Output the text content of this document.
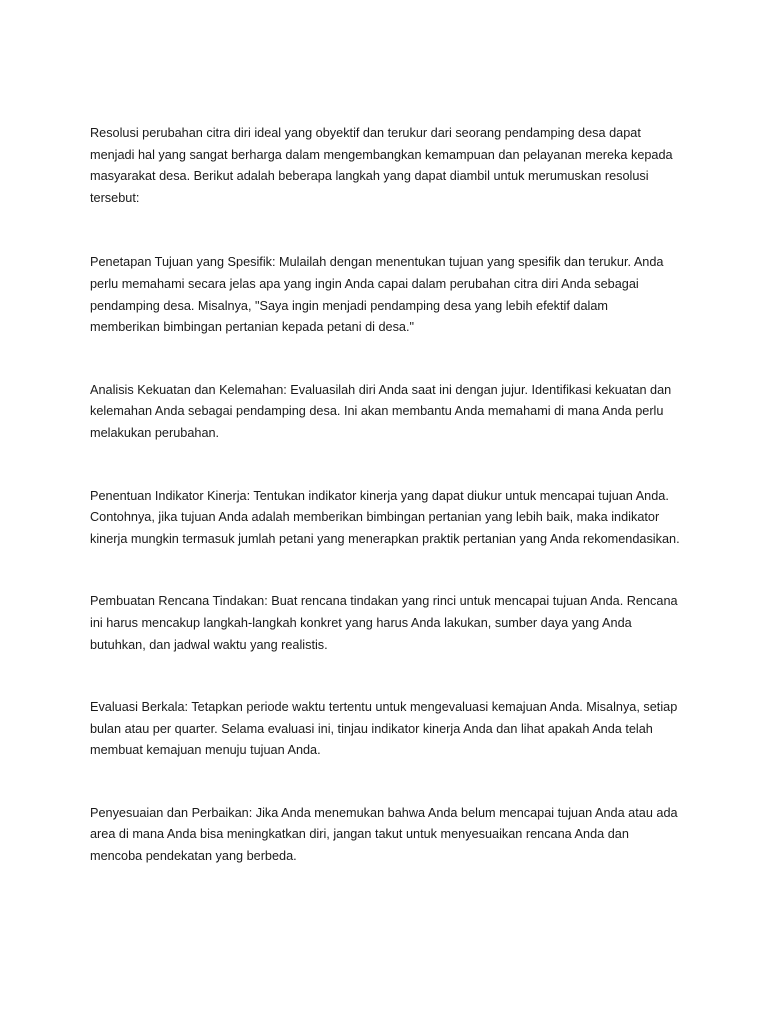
Resolusi perubahan citra diri ideal yang obyektif dan terukur dari seorang pendamping desa dapat menjadi hal yang sangat berharga dalam mengembangkan kemampuan dan pelayanan mereka kepada masyarakat desa. Berikut adalah beberapa langkah yang dapat diambil untuk merumuskan resolusi tersebut:

Penetapan Tujuan yang Spesifik: Mulailah dengan menentukan tujuan yang spesifik dan terukur. Anda perlu memahami secara jelas apa yang ingin Anda capai dalam perubahan citra diri Anda sebagai pendamping desa. Misalnya, "Saya ingin menjadi pendamping desa yang lebih efektif dalam memberikan bimbingan pertanian kepada petani di desa."

Analisis Kekuatan dan Kelemahan: Evaluasilah diri Anda saat ini dengan jujur. Identifikasi kekuatan dan kelemahan Anda sebagai pendamping desa. Ini akan membantu Anda memahami di mana Anda perlu melakukan perubahan.

Penentuan Indikator Kinerja: Tentukan indikator kinerja yang dapat diukur untuk mencapai tujuan Anda. Contohnya, jika tujuan Anda adalah memberikan bimbingan pertanian yang lebih baik, maka indikator kinerja mungkin termasuk jumlah petani yang menerapkan praktik pertanian yang Anda rekomendasikan.

Pembuatan Rencana Tindakan: Buat rencana tindakan yang rinci untuk mencapai tujuan Anda. Rencana ini harus mencakup langkah-langkah konkret yang harus Anda lakukan, sumber daya yang Anda butuhkan, dan jadwal waktu yang realistis.

Evaluasi Berkala: Tetapkan periode waktu tertentu untuk mengevaluasi kemajuan Anda. Misalnya, setiap bulan atau per quarter. Selama evaluasi ini, tinjau indikator kinerja Anda dan lihat apakah Anda telah membuat kemajuan menuju tujuan Anda.

Penyesuaian dan Perbaikan: Jika Anda menemukan bahwa Anda belum mencapai tujuan Anda atau ada area di mana Anda bisa meningkatkan diri, jangan takut untuk menyesuaikan rencana Anda dan mencoba pendekatan yang berbeda.
